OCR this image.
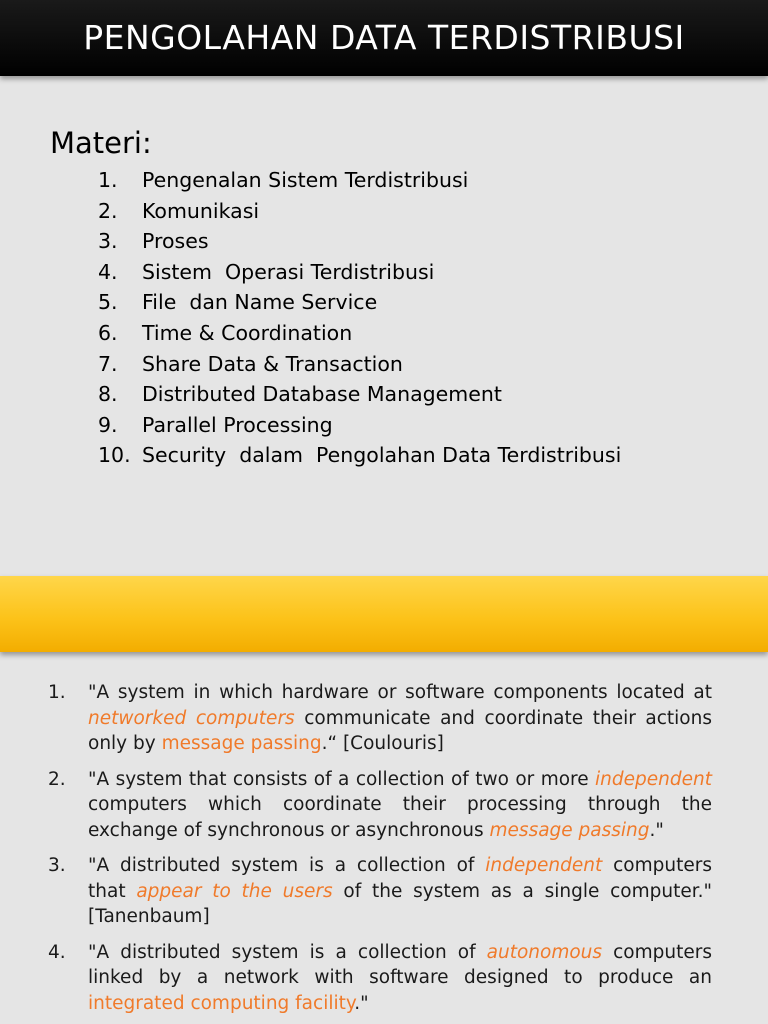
PENGOLAHAN DATA TERDISTRIBUSI
Materi:
1.	Pengenalan Sistem Terdistribusi
2.	Komunikasi
3.	Proses
4.	Sistem  Operasi Terdistribusi
5.	File  dan Name Service
6.	Time & Coordination
7.	Share Data & Transaction
8.	Distributed Database Management
9.	Parallel Processing
10. Security  dalam  Pengolahan Data Terdistribusi
1. "A system in which hardware or software components located at networked computers communicate and coordinate their actions only by message passing.“ [Coulouris]
2. "A system that consists of a collection of two or more independent computers which coordinate their processing through the exchange of synchronous or asynchronous message passing."
3. "A distributed system is a collection of independent computers that appear to the users of the system as a single computer." [Tanenbaum]
4. "A distributed system is a collection of autonomous computers linked by a network with software designed to produce an integrated computing facility."
